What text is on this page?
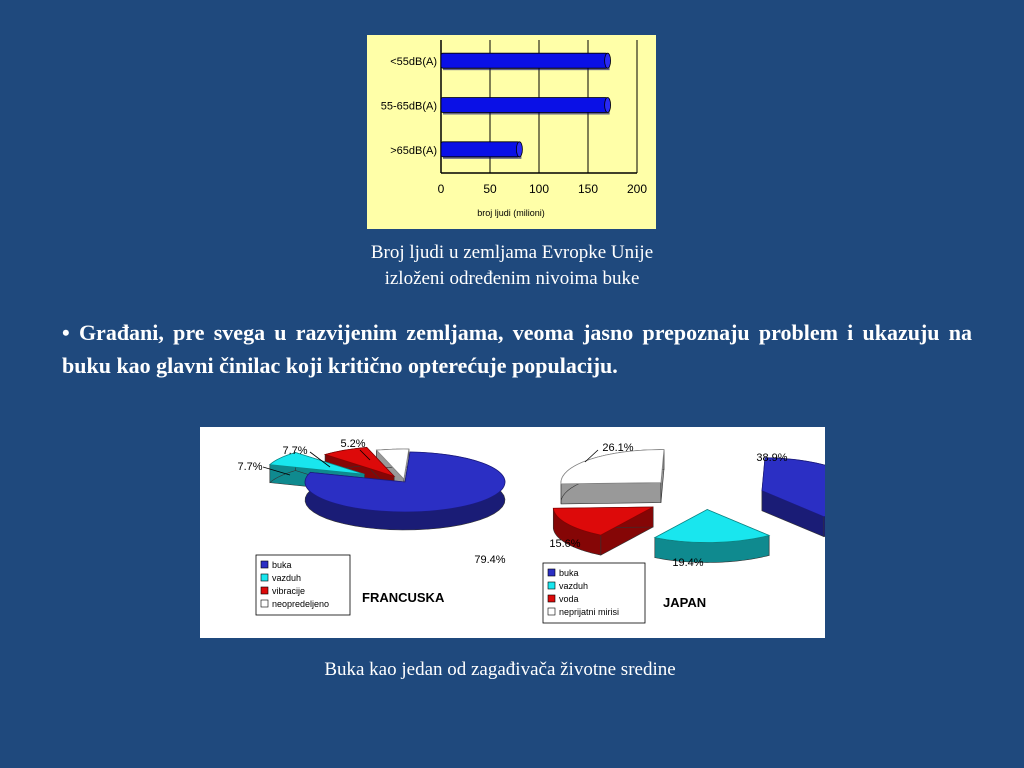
<55dB(A)
55-65dB(A)
>65dB(A)
0	50	100 150 200
broj ljudi (milioni)
Broj ljudi u zemljama Evropke Unije
izloženi određenim nivoima buke
• Građani, pre svega u razvijenim zemljama, veoma jasno prepoznaju problem i ukazuju na buku kao glavni činilac koji kritično opterećuje populaciju.
79.4%
7.7%
7.7%
5.2%
buka
vazduh
vibracije
neopredeljeno	FRANCUSKA
38.9%
19.4%
15.6%
26.1%
buka
vazduh
voda
neprijatni mirisi
JAPAN
Buka kao jedan od zagađivača životne sredine
